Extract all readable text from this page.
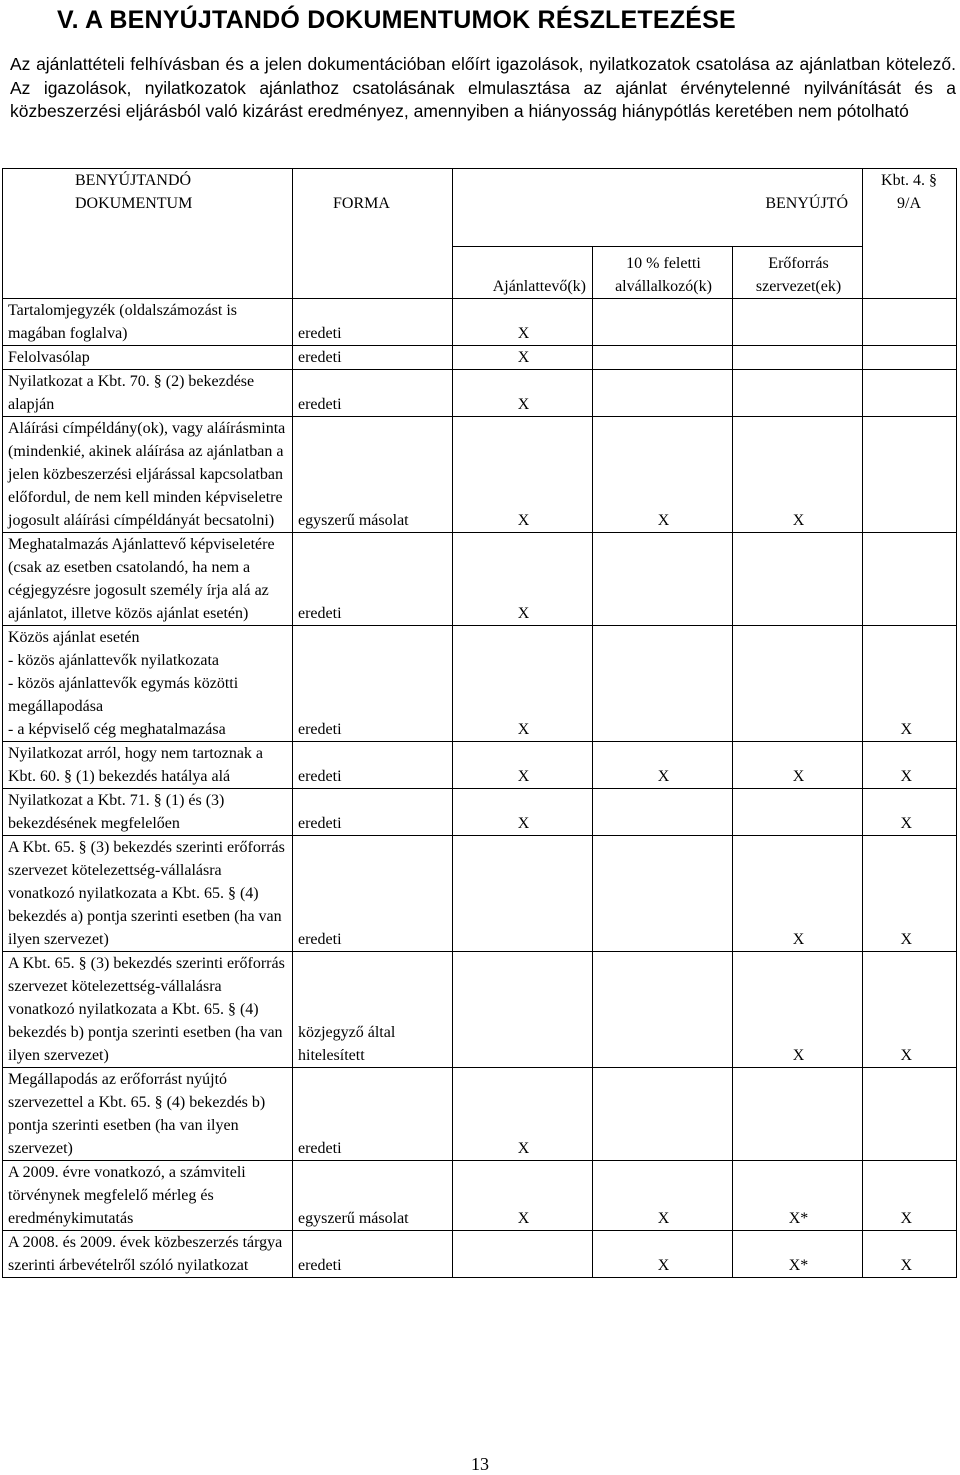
V. A BENYÚJTANDÓ DOKUMENTUMOK RÉSZLETEZÉSE
Az ajánlattételi felhívásban és a jelen dokumentációban előírt igazolások, nyilatkozatok csatolása az ajánlatban kötelező. Az igazolások, nyilatkozatok ajánlathoz csatolásának elmulasztása az ajánlat érvénytelenné nyilvánítását és a közbeszerzési eljárásból való kizárást eredményez, amennyiben a hiányosság hiánypótlás keretében nem pótolható
BENYÚJTANDÓ
DOKUMENTUM	FORMA	BENYÚJTÓ			Kbt. 4. §
9/A

		Ajánlattevő(k)	10 % feletti alvállalkozó(k)	Erőforrás szervezet(ek)	
Tartalomjegyzék (oldalszámozást is magában foglalva)	eredeti	X			
Felolvasólap	eredeti	X			
Nyilatkozat a Kbt. 70. § (2) bekezdése alapján	eredeti	X			
Aláírási címpéldány(ok), vagy aláírásminta (mindenkié, akinek aláírása az ajánlatban a jelen közbeszerzési eljárással kapcsolatban előfordul, de nem kell minden képviseletre jogosult aláírási címpéldányát becsatolni)	egyszerű másolat	X	X	X	
Meghatalmazás Ajánlattevő képviseletére (csak az esetben csatolandó, ha nem a cégjegyzésre jogosult személy írja alá az ajánlatot, illetve közös ajánlat esetén)	eredeti	X			
Közös ajánlat esetén
- közös ajánlattevők nyilatkozata
- közös ajánlattevők egymás közötti megállapodása
- a képviselő cég meghatalmazása	eredeti	X			X
Nyilatkozat arról, hogy nem tartoznak a Kbt. 60. § (1) bekezdés hatálya alá	eredeti	X	X	X	X
Nyilatkozat a Kbt. 71. § (1) és (3) bekezdésének megfelelően	eredeti	X			X
A Kbt. 65. § (3) bekezdés szerinti erőforrás szervezet kötelezettség-vállalásra vonatkozó nyilatkozata a Kbt. 65. § (4) bekezdés a) pontja szerinti esetben (ha van ilyen szervezet)	eredeti			X	X
A Kbt. 65. § (3) bekezdés szerinti erőforrás szervezet kötelezettség-vállalásra vonatkozó nyilatkozata a Kbt. 65. § (4) bekezdés b) pontja szerinti esetben (ha van ilyen szervezet)	közjegyző által hitelesített			X	X
Megállapodás az erőforrást nyújtó szervezettel a Kbt. 65. § (4) bekezdés b) pontja szerinti esetben (ha van ilyen szervezet)	eredeti	X			
A 2009. évre vonatkozó, a számviteli törvénynek megfelelő mérleg és eredménykimutatás	egyszerű másolat	X	X	X*	X
A 2008. és 2009. évek közbeszerzés tárgya szerinti árbevételről szóló nyilatkozat	eredeti		X	X*	X
13
